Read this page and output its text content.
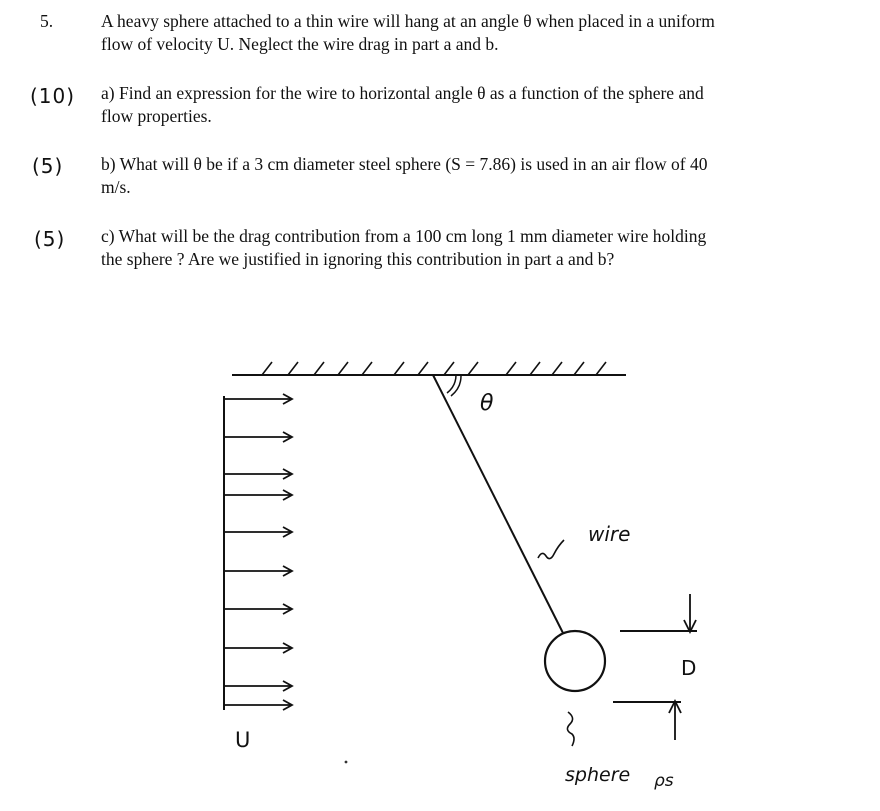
5.	A heavy sphere attached to a thin wire will hang at an angle θ when placed in a uniform
flow of velocity U. Neglect the wire drag in part a and b.
(10) a) Find an expression for the wire to horizontal angle θ as a function of the sphere and
flow properties.
(5) b) What will θ be if a 3 cm diameter steel sphere (S = 7.86) is used in an air flow of 40
m/s.
(5) c) What will be the drag contribution from a 100 cm long 1 mm diameter wire holding
the sphere ? Are we justified in ignoring this contribution in part a and b?
θ
wire
D
sphere ρs
U
